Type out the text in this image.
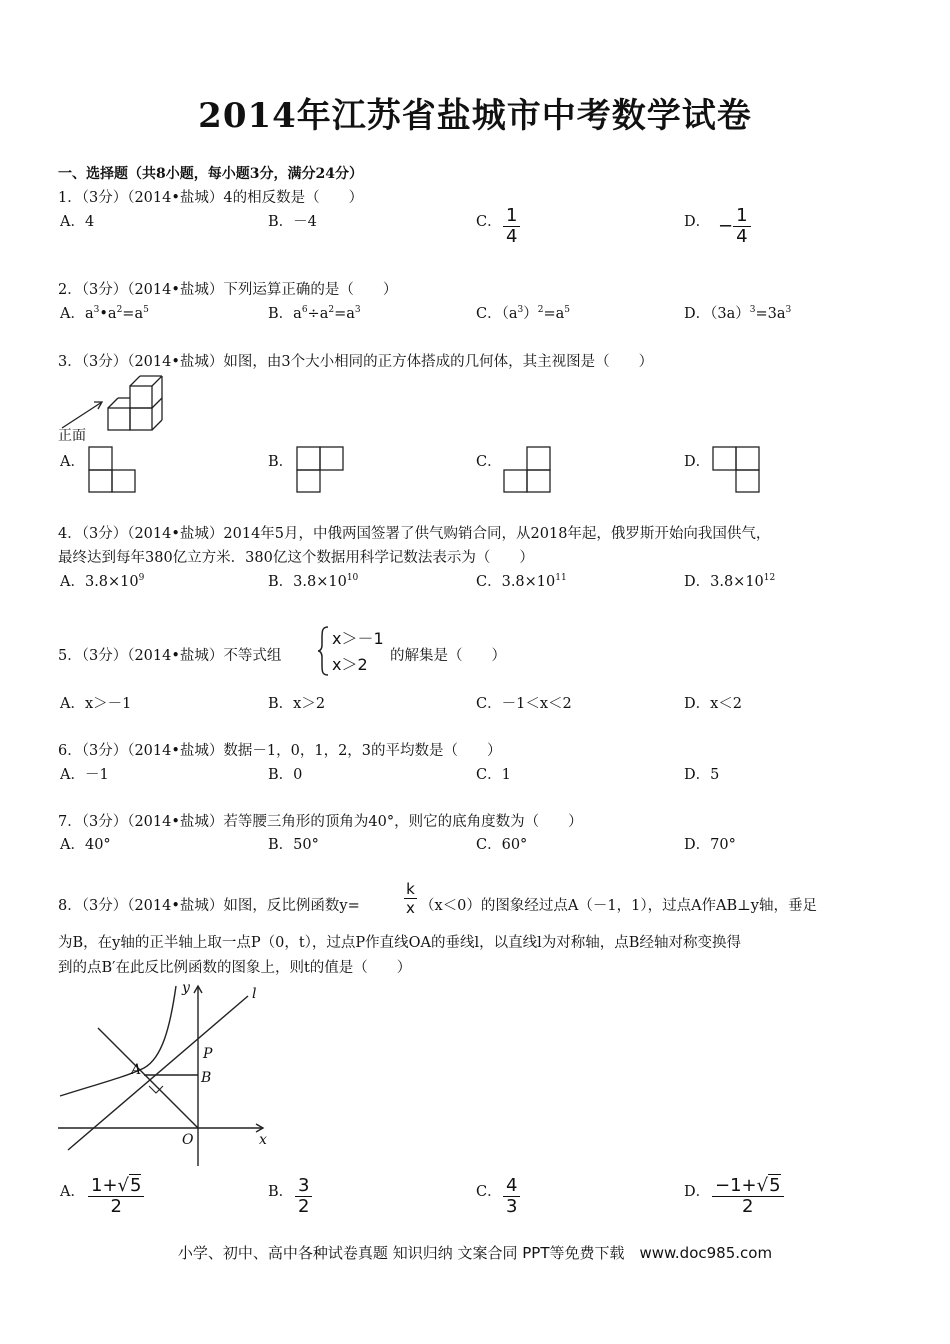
2014年江苏省盐城市中考数学试卷
一、选择题（共8小题，每小题3分，满分24分）
1．（3分）（2014•盐城）4的相反数是（　　）
A．4	B．－4	C． $\frac{1}{4}$	D． − $\frac{1}{4}$
2．（3分）（2014•盐城）下列运算正确的是（　　）
A．$a^3•a^2=a^5$	B．$a^6\div a^2=a^3$	C．$(a^3)^2=a^5$	D．$(3a)^3=3a^3$
3．（3分）（2014•盐城）如图，由3个大小相同的正方体搭成的几何体，其主视图是（　　）
正面
A．	B．	C．	D．
4．（3分）（2014•盐城）2014年5月，中俄两国签署了供气购销合同，从2018年起，俄罗斯开始向我国供气，
最终达到每年380亿立方米．380亿这个数据用科学记数法表示为（　　）
A．$3.8\times 10^9$	B．$3.8\times 10^{10}$	C．$3.8\times 10^{11}$	D．$3.8\times 10^{12}$
5．（3分）（2014•盐城）不等式组
x＞－1
x＞2 的解集是（　　）
A．x＞－1	B．x＞2	C．－1＜x＜2	D．x＜2
6．（3分）（2014•盐城）数据－1，0，1，2，3的平均数是（　　）
A．－1	B．0	C．1	D．5
7．（3分）（2014•盐城）若等腰三角形的顶角为40°，则它的底角度数为（　　）
A．40°	B．50°	C．60°	D．70°
8．（3分）（2014•盐城）如图，反比例函数y=	$\frac{k}{x} (x<0)$的图象经过点A（－1，1），过点A作AB⊥y轴，垂足
为B，在y轴的正半轴上取一点P（0，t），过点P作直线OA的垂线l，以直线l为对称轴，点B经轴对称变换得
到的点B′在此反比例函数的图象上，则t的值是（　　）
y	l
P
A	B
O	x
A． $\frac{1+√5}{2}$	B． $\frac{3}{2}$	C． $\frac{4}{3}$	D． $\frac{-1+√5}{2}$
小学、初中、高中各种试卷真题 知识归纳 文案合同 PPT等免费下载　www.doc985.com
